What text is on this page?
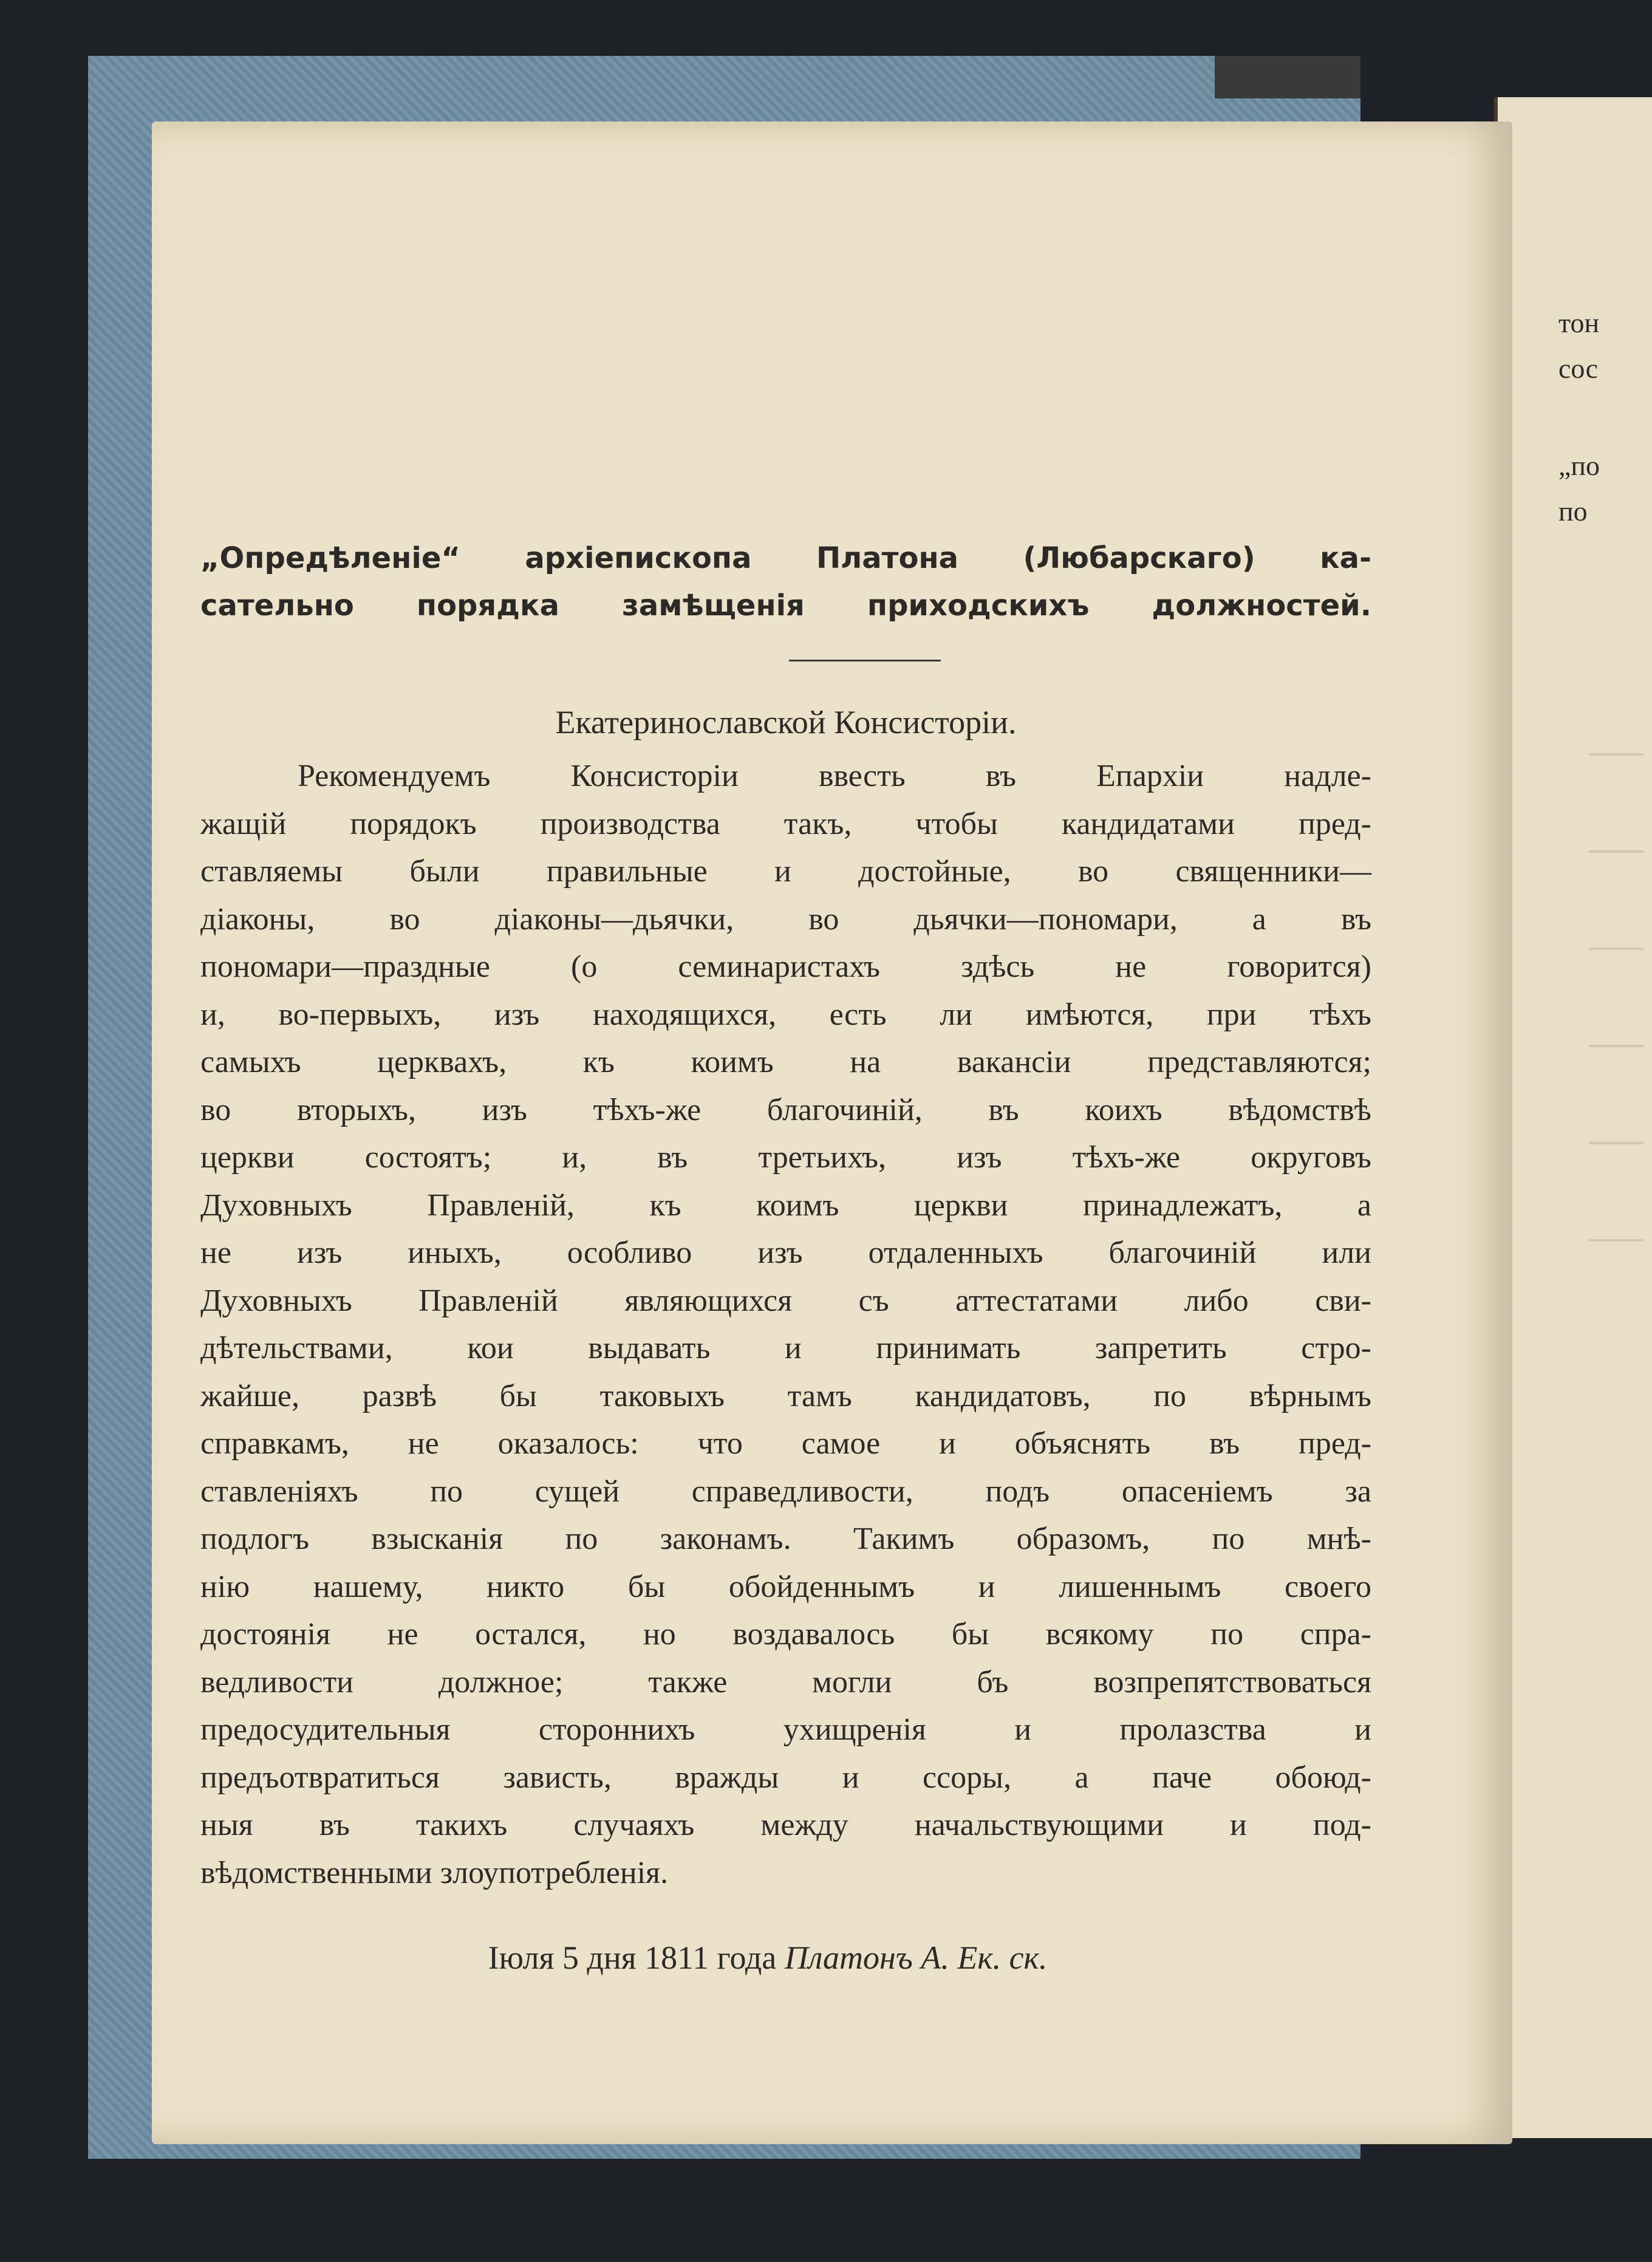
тон
сос
„по
по
„Опредѣленіе“ архіепископа Платона (Любарскаго) ка-
сательно порядка замѣщенія приходскихъ должностей.

Екатеринославской Консисторіи.

Рекомендуемъ Консисторіи ввесть въ Епархіи надле-
жащій порядокъ производства такъ, чтобы кандидатами пред-
ставляемы были правильные и достойные, во священники—
діаконы, во діаконы—дьячки, во дьячки—пономари, а въ
пономари—праздные (о семинаристахъ здѣсь не говорится)
и, во-первыхъ, изъ находящихся, есть ли имѣются, при тѣхъ
самыхъ церквахъ, къ коимъ на вакансіи представляются;
во вторыхъ, изъ тѣхъ-же благочиній, въ коихъ вѣдомствѣ
церкви состоятъ; и, въ третьихъ, изъ тѣхъ-же округовъ
Духовныхъ Правленій, къ коимъ церкви принадлежатъ, а
не изъ иныхъ, особливо изъ отдаленныхъ благочиній или
Духовныхъ Правленій являющихся съ аттестатами либо сви-
дѣтельствами, кои выдавать и принимать запретить стро-
жайше, развѣ бы таковыхъ тамъ кандидатовъ, по вѣрнымъ
справкамъ, не оказалось: что самое и объяснять въ пред-
ставленіяхъ по сущей справедливости, подъ опасеніемъ за
подлогъ взысканія по законамъ. Такимъ образомъ, по мнѣ-
нію нашему, никто бы обойденнымъ и лишеннымъ своего
достоянія не остался, но воздавалось бы всякому по спра-
ведливости должное; также могли бъ возпрепятствоваться
предосудительныя стороннихъ ухищренія и пролазства и
предъотвратиться зависть, вражды и ссоры, а паче обоюд-
ныя въ такихъ случаяхъ между начальствующими и под-
вѣдомственными злоупотребленія.

Іюля 5 дня 1811 года Платонъ А. Ек. ск.
